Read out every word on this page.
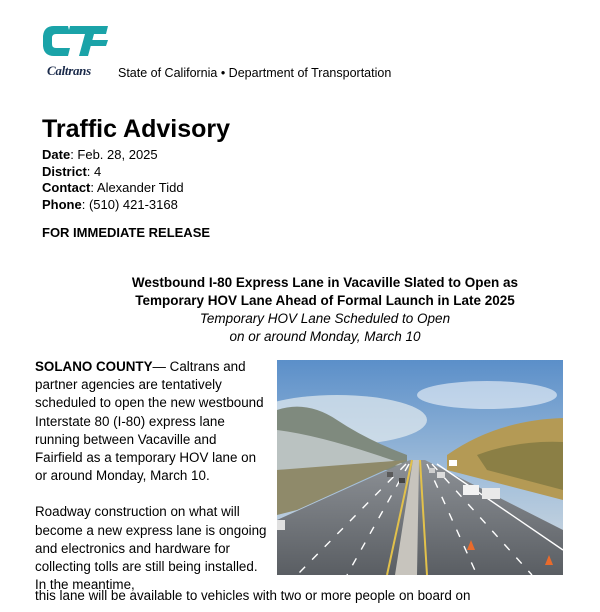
Caltrans State of California • Department of Transportation
Traffic Advisory
Date: Feb. 28, 2025
District: 4
Contact: Alexander Tidd
Phone: (510) 421-3168
FOR IMMEDIATE RELEASE
Westbound I-80 Express Lane in Vacaville Slated to Open as
Temporary HOV Lane Ahead of Formal Launch in Late 2025
Temporary HOV Lane Scheduled to Open
on or around Monday, March 10

SOLANO COUNTY— Caltrans and partner agencies are tentatively scheduled to open the new westbound Interstate 80 (I-80) express lane running between Vacaville and Fairfield as a temporary HOV lane on or around Monday, March 10.

Roadway construction on what will become a new express lane is ongoing and electronics and hardware for collecting tolls are still being installed. In the meantime,

this lane will be available to vehicles with two or more people on board on
